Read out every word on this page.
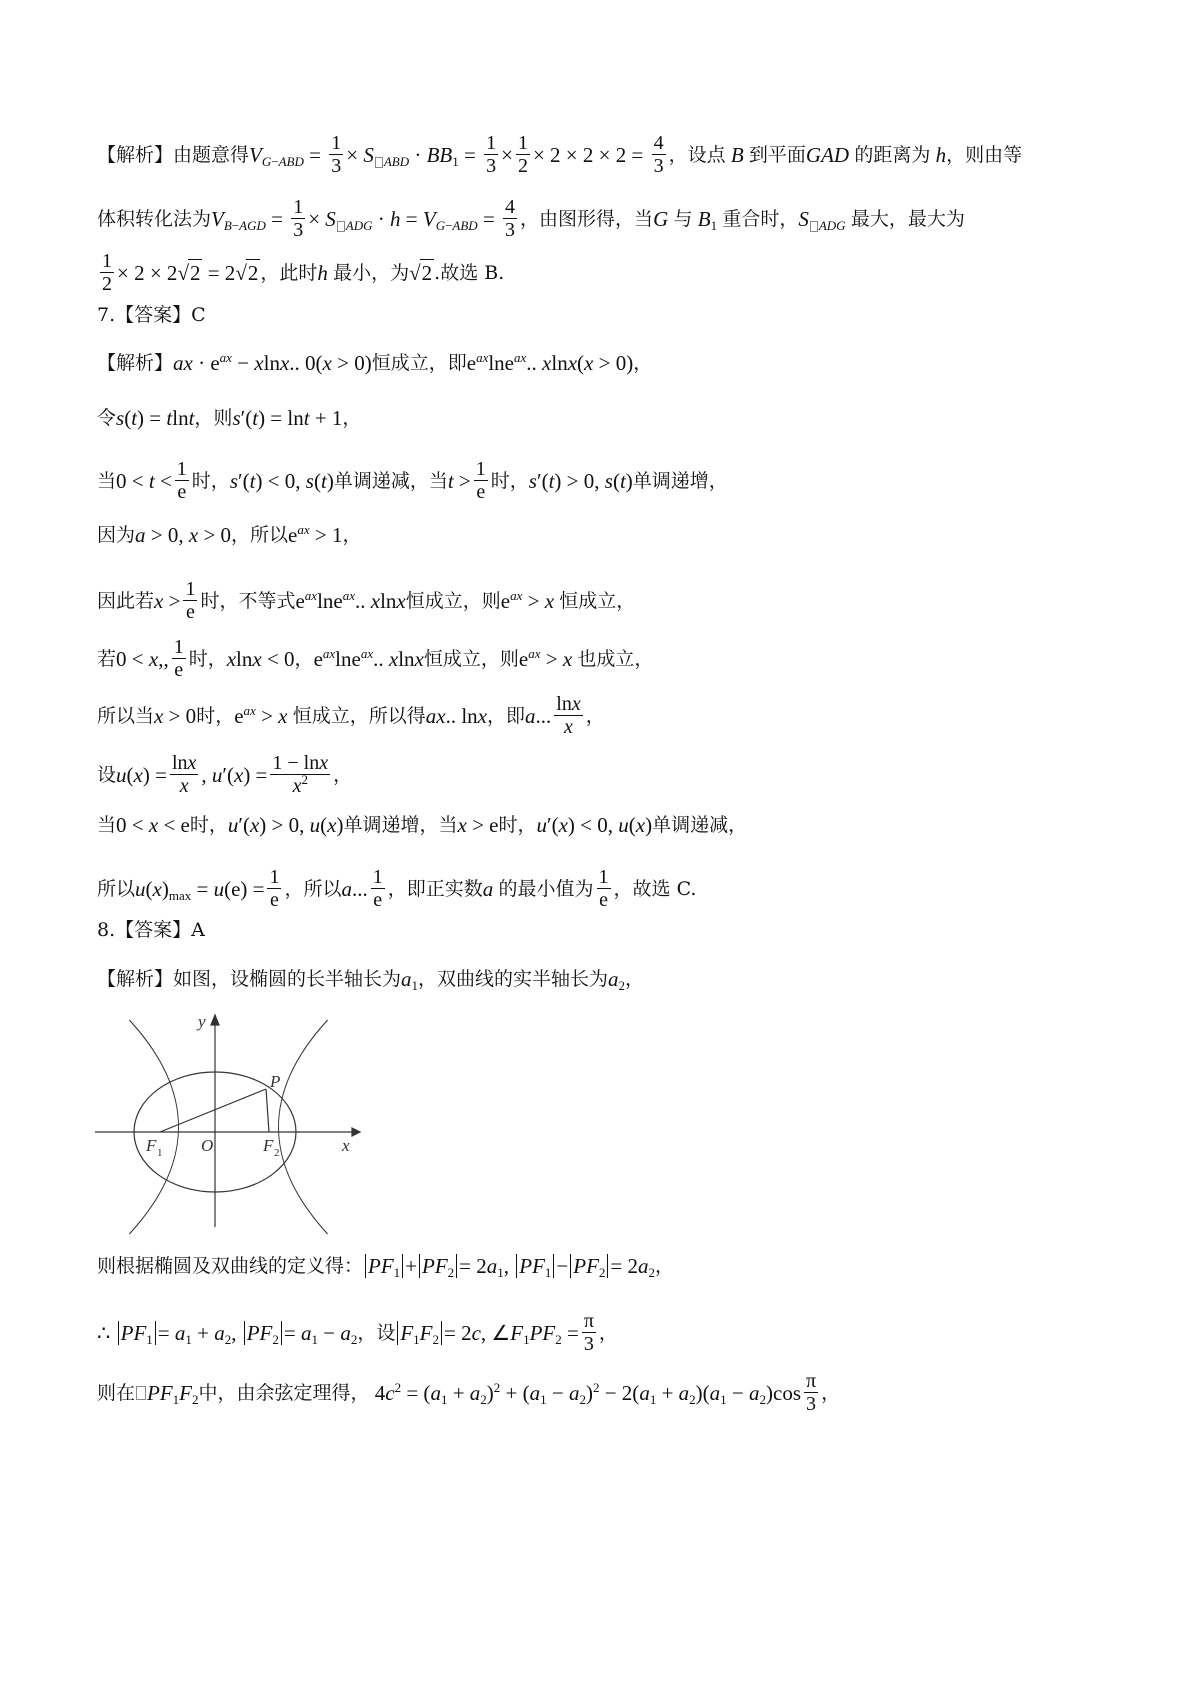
【解析】 由题意得 $V_{G-ABD} = \frac{1}{3} \times S$ $_{ABD} \cdot BB_1 = \frac{1}{3} \times \frac{1}{2} \times 2 \times 2 \times 2 = \frac{4}{3}$ ，设点 B 到平面 GAD 的距离为 h ，则由等
体积转化法为 $V_{B-AGD} = \frac{1}{3} \times S$ $_{ADG} \cdot h = V_{G-ABD} = \frac{4}{3}$ ，由图形得，当 G 与 $B_1$ 重合时， S $_{ADG}$ 最大，最大为
$\frac{1}{2} \times 2 \times 2$ √ 2 = 2 √ 2 ，此时 h 最小，为 √ 2 .故选 B.
7.【答案】C
【解析】 ax · $e^{ax} - xlnx$.. 0(x > 0) 恒成立，即 $e^{ax}\ln e^{ax}$.. xlnx(x > 0) ，
令 s(t) = tlnt ，则 s′(t) = lnt + 1 ，
当 $0 < t < \frac{1}{e}$ 时， s′(t) < 0, s(t) 单调递减，当 $t > \frac{1}{e}$ 时， s′(t) > 0, s(t) 单调递增，
因为 a > 0, x > 0 ，所以 $e^{ax} > 1$ ，
因此若 $x > \frac{1}{e}$ 时，不等式 $e^{ax}\ln e^{ax}$.. xlnx 恒成立，则 $e^{ax} > x$ 恒成立，
若 0 < x,, $\frac{1}{e}$ 时， xlnx < 0 ， $e^{ax}\ln e^{ax}$.. xlnx 恒成立，则 $e^{ax} > x$ 也成立，
所以当 x > 0 时， $e^{ax} > x$ 恒成立，所以得 ax.. lnx ，即 a... $\frac{\ln x}{x}$ ，
设 $u(x) = \frac{\ln x}{x}$ , $u'(x) = \frac{1 - \ln x}{x^2}$ ，
当 0 < x < e 时， u′(x) > 0, u(x) 单调递增，当 x > e 时， u′(x) < 0, u(x) 单调递减，
所以 $u(x)_{max} = u(e) = \frac{1}{e}$ ，所以 a... $\frac{1}{e}$ ，即正实数 a 的最小值为 $\frac{1}{e}$ ，故选 C.
8.【答案】A
【解析】 如图，设椭圆的长半轴长为 $a_1$ ，双曲线的实半轴长为 $a_2$ ，
y
x
O
P
F 1	F 2
则根据椭圆及双曲线的定义得： $PF_1 + PF_2 = 2a_1$, $PF_1 - PF_2 = 2a_2$ ，
∴ $PF_1 = a_1 + a_2$, $PF_2 = a_1 - a_2$ ，设 $F_1F_2 = 2c$, $\angle F_1PF_2 = \frac{\pi}{3}$ ，
则在 $PF_1F_2$ 中，由余弦定理得， $4c^2 = (a_1 + a_2)^2 + (a_1 - a_2)^2 - 2(a_1 + a_2)(a_1 - a_2)\cos \frac{\pi}{3}$ ，
